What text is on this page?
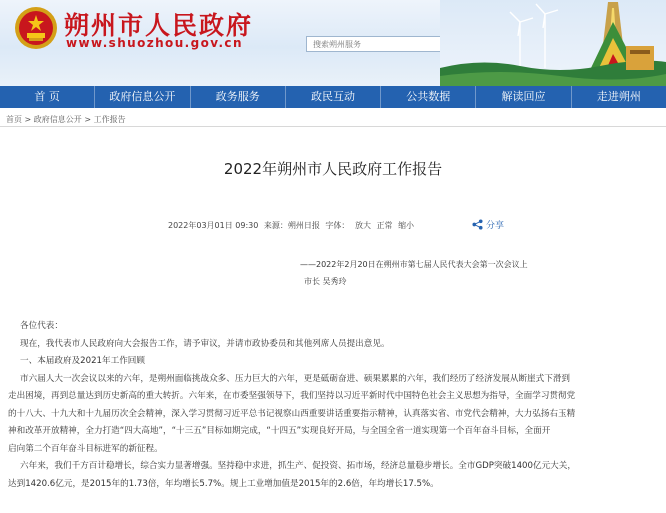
朔州市人民政府
www.shuozhou.gov.cn
搜索朔州服务
首 页	政府信息公开	政务服务	政民互动	公共数据	解读回应	走进朔州
首页 > 政府信息公开 > 工作报告
2022年朔州市人民政府工作报告
2022年03月01日 09:30 来源：朔州日报 字体： 放大 正常 缩小	分享
——2022年2月20日在朔州市第七届人民代表大会第一次会议上
市长 吴秀玲

各位代表：

现在，我代表市人民政府向大会报告工作，请予审议，并请市政协委员和其他列席人员提出意见。

一、本届政府及2021年工作回顾

市六届人大一次会议以来的六年，是朔州面临挑战众多、压力巨大的六年，更是砥砺奋进、硕果累累的六年，我们经历了经济发展从断崖式下滑到

走出困境，再到总量达到历史新高的重大转折。六年来，在市委坚强领导下，我们坚持以习近平新时代中国特色社会主义思想为指导，全面学习贯彻党

的十八大、十九大和十九届历次全会精神，深入学习贯彻习近平总书记视察山西重要讲话重要指示精神，认真落实省、市党代会精神，大力弘扬右玉精

神和改革开放精神，全力打造“四大高地”，“十三五”目标如期完成，“十四五”实现良好开局，与全国全省一道实现第一个百年奋斗目标，全面开

启向第二个百年奋斗目标进军的新征程。

六年来，我们千方百计稳增长，综合实力显著增强。坚持稳中求进，抓生产、促投资、拓市场，经济总量稳步增长。全市GDP突破1400亿元大关，

达到1420.6亿元，是2015年的1.73倍，年均增长5.7%。规上工业增加值是2015年的2.6倍，年均增长17.5%。
